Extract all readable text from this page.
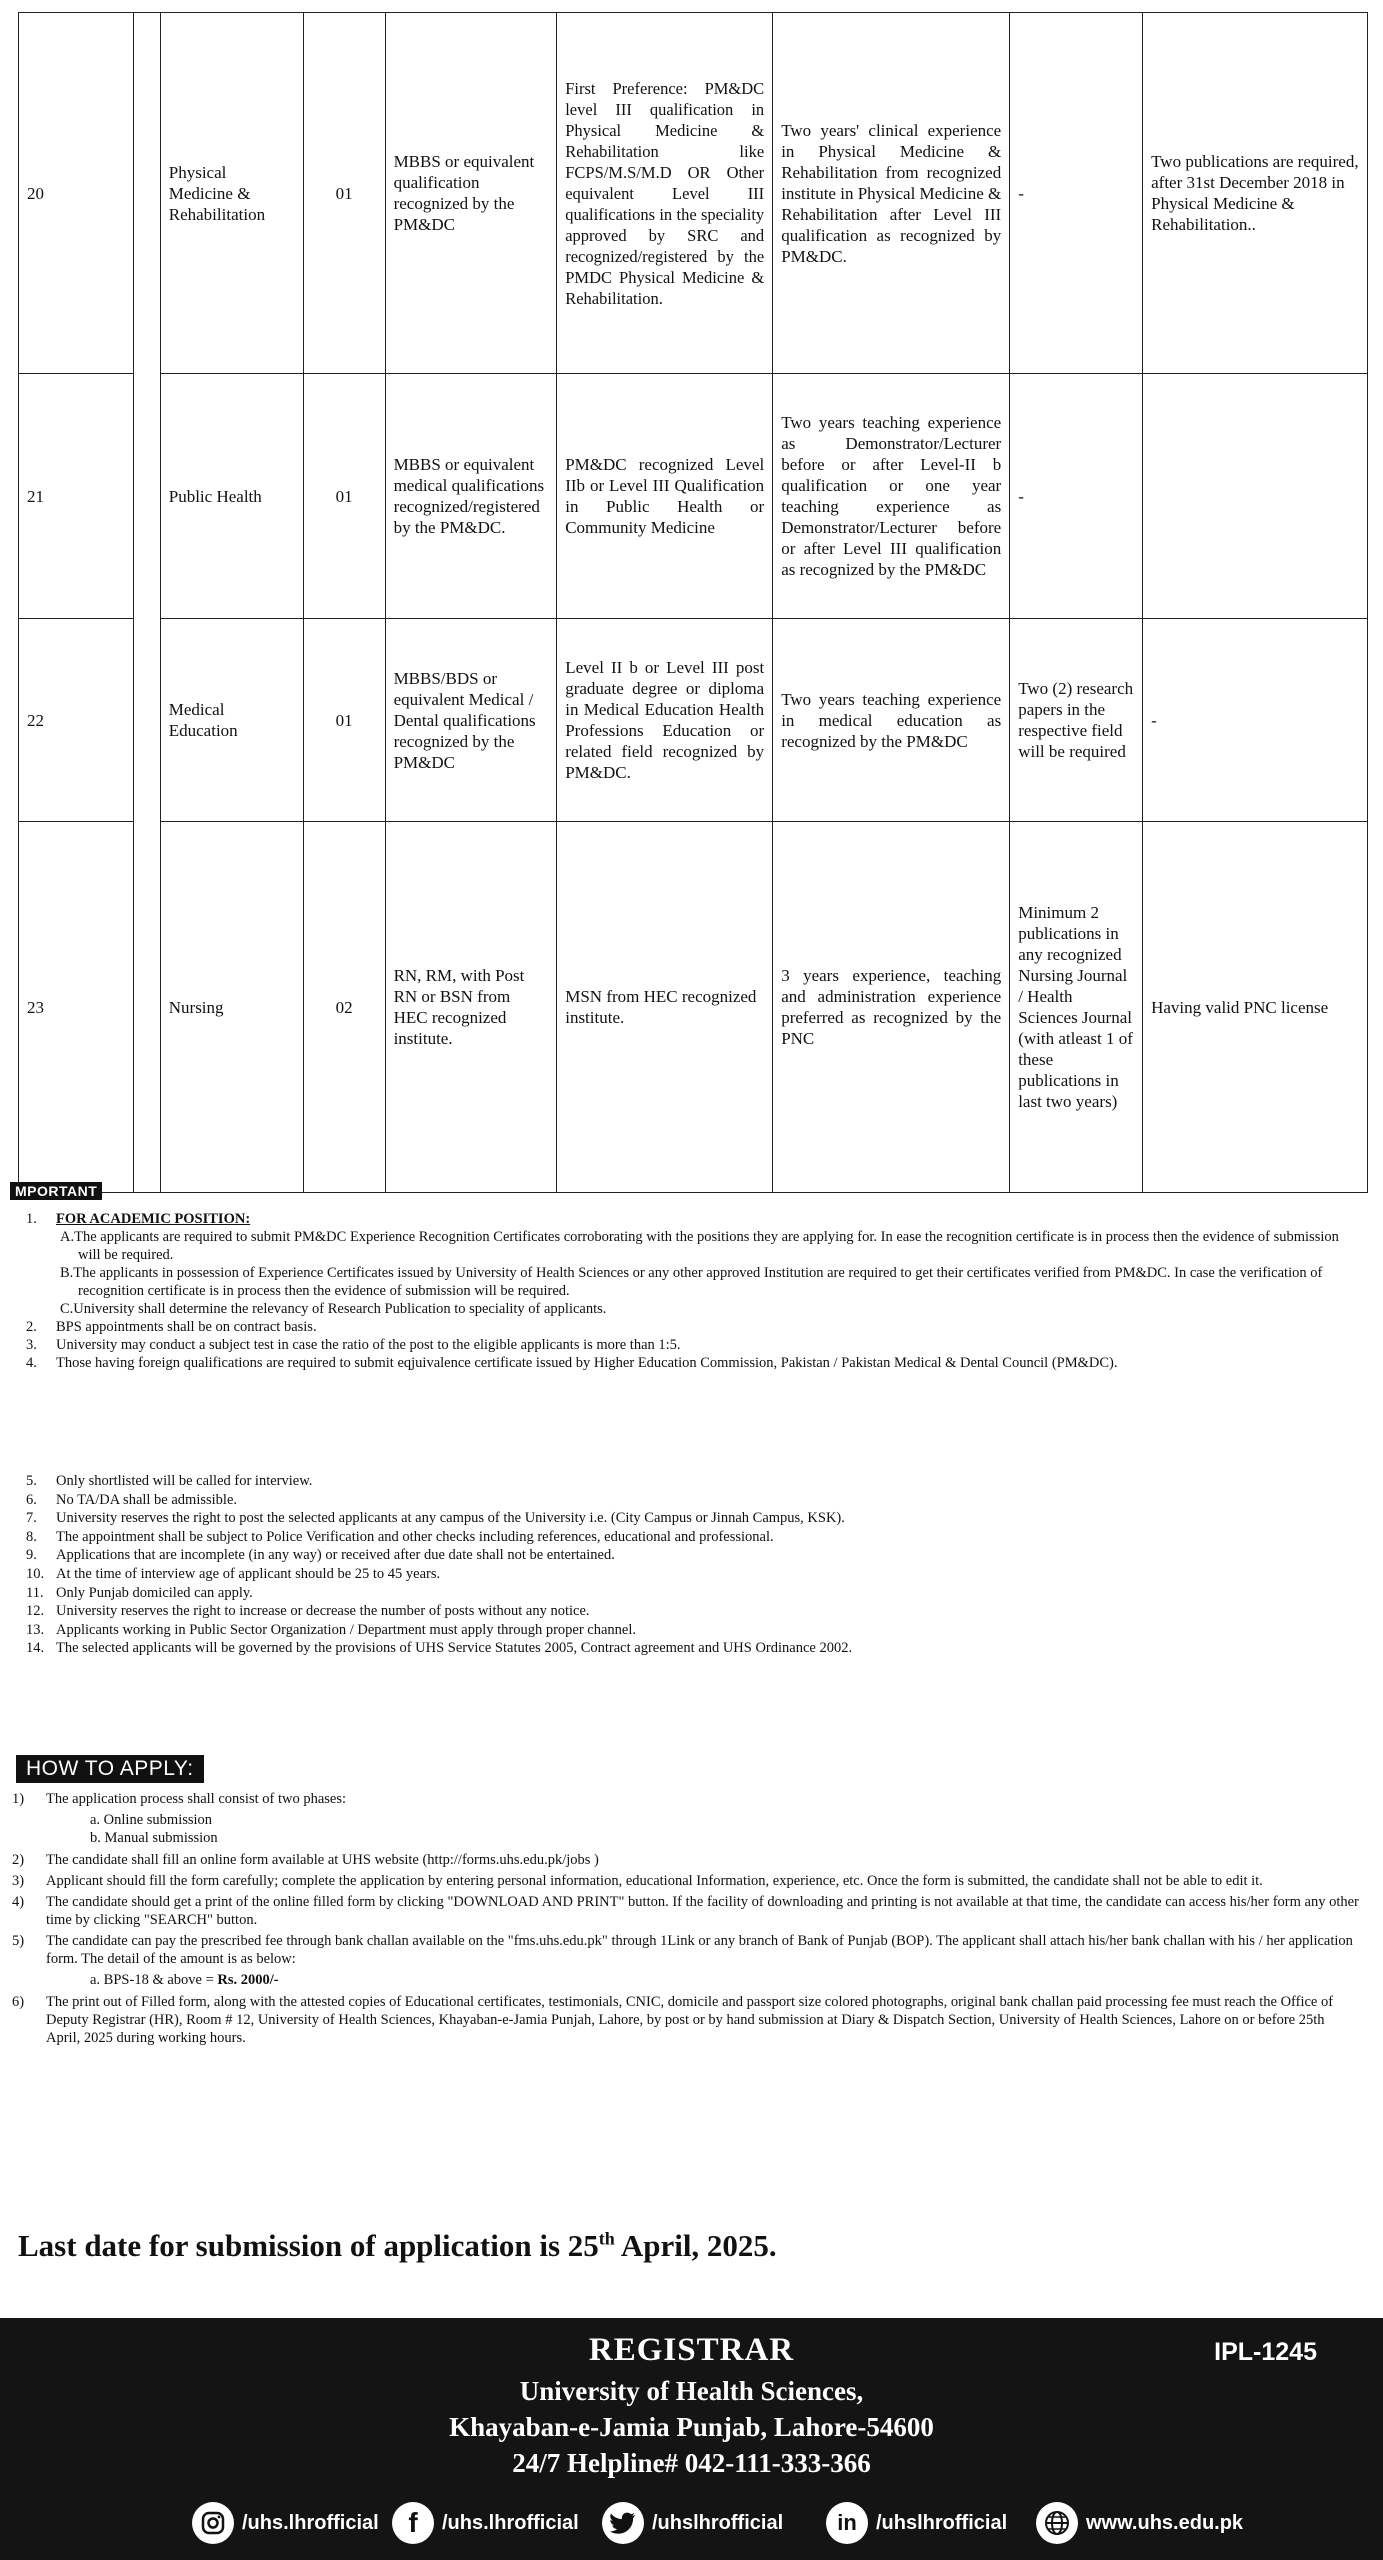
20		Physical Medicine & Rehabilitation	01	MBBS or equivalent qualification recognized by the PM&DC	First Preference: PM&DC level III qualification in Physical Medicine & Rehabilitation like FCPS/M.S/M.D OR Other equivalent Level III qualifications in the speciality approved by SRC and recognized/registered by the PMDC Physical Medicine & Rehabilitation.	Two years' clinical experience in Physical Medicine & Rehabilitation from recognized institute in Physical Medicine & Rehabilitation after Level III qualification as recognized by PM&DC.	-	Two publications are required, after 31st December 2018 in Physical Medicine & Rehabilitation..
21		Public Health	01	MBBS or equivalent medical qualifications recognized/registered by the PM&DC.	PM&DC recognized Level IIb or Level III Qualification in Public Health or Community Medicine	Two years teaching experience as Demonstrator/Lecturer before or after Level-II b qualification or one year teaching experience as Demonstrator/Lecturer before or after Level III qualification as recognized by the PM&DC	-	
22		Medical Education	01	MBBS/BDS or equivalent Medical / Dental qualifications recognized by the PM&DC	Level II b or Level III post graduate degree or diploma in Medical Education Health Professions Education or related field recognized by PM&DC.	Two years teaching experience in medical education as recognized by the PM&DC	Two (2) research papers in the respective field will be required	-
23		Nursing	02	RN, RM, with Post RN or BSN from HEC recognized institute.	MSN from HEC recognized institute.	3 years experience, teaching and administration experience preferred as recognized by the PNC	Minimum 2 publications in any recognized Nursing Journal / Health Sciences Journal (with atleast 1 of these publications in last two years)	Having valid PNC license
MPORTANT
1. FOR ACADEMIC POSITION:
A.The applicants are required to submit PM&DC Experience Recognition Certificates corroborating with the positions they are applying for. In ease the recognition certificate is in process then the evidence of submission will be required.
B.The applicants in possession of Experience Certificates issued by University of Health Sciences or any other approved Institution are required to get their certificates verified from PM&DC. In case the verification of recognition certificate is in process then the evidence of submission will be required.
C.University shall determine the relevancy of Research Publication to speciality of applicants.
2. BPS appointments shall be on contract basis.
3. University may conduct a subject test in case the ratio of the post to the eligible applicants is more than 1:5.
4. Those having foreign qualifications are required to submit eqjuivalence certificate issued by Higher Education Commission, Pakistan / Pakistan Medical & Dental Council (PM&DC).
5. Only shortlisted will be called for interview.
6. No TA/DA shall be admissible.
7. University reserves the right to post the selected applicants at any campus of the University i.e. (City Campus or Jinnah Campus, KSK).
8. The appointment shall be subject to Police Verification and other checks including references, educational and professional.
9. Applications that are incomplete (in any way) or received after due date shall not be entertained.
10. At the time of interview age of applicant should be 25 to 45 years.
11. Only Punjab domiciled can apply.
12. University reserves the right to increase or decrease the number of posts without any notice.
13. Applicants working in Public Sector Organization / Department must apply through proper channel.
14. The selected applicants will be governed by the provisions of UHS Service Statutes 2005, Contract agreement and UHS Ordinance 2002.
HOW TO APPLY:
1) The application process shall consist of two phases:
a. Online submission
b. Manual submission
2) The candidate shall fill an online form available at UHS website (http://forms.uhs.edu.pk/jobs )
3) Applicant should fill the form carefully; complete the application by entering personal information, educational Information, experience, etc. Once the form is submitted, the candidate shall not be able to edit it.
4) The candidate should get a print of the online filled form by clicking "DOWNLOAD AND PRINT" button. If the facility of downloading and printing is not available at that time, the candidate can access his/her form any other time by clicking "SEARCH" button.
5) The candidate can pay the prescribed fee through bank challan available on the "fms.uhs.edu.pk" through 1Link or any branch of Bank of Punjab (BOP). The applicant shall attach his/her bank challan with his / her application form. The detail of the amount is as below:
a. BPS-18 & above = Rs. 2000/-
6) The print out of Filled form, along with the attested copies of Educational certificates, testimonials, CNIC, domicile and passport size colored photographs, original bank challan paid processing fee must reach the Office of Deputy Registrar (HR), Room # 12, University of Health Sciences, Khayaban-e-Jamia Punjah, Lahore, by post or by hand submission at Diary & Dispatch Section, University of Health Sciences, Lahore on or before 25th April, 2025 during working hours.
Last date for submission of application is 25th April, 2025.
REGISTRAR	IPL-1245
University of Health Sciences,
Khayaban-e-Jamia Punjab, Lahore-54600
24/7 Helpline# 042-111-333-366
/uhs.lhrofficial	f	/uhs.lhrofficial	/uhslhrofficial	in /uhslhrofficial	www.uhs.edu.pk
